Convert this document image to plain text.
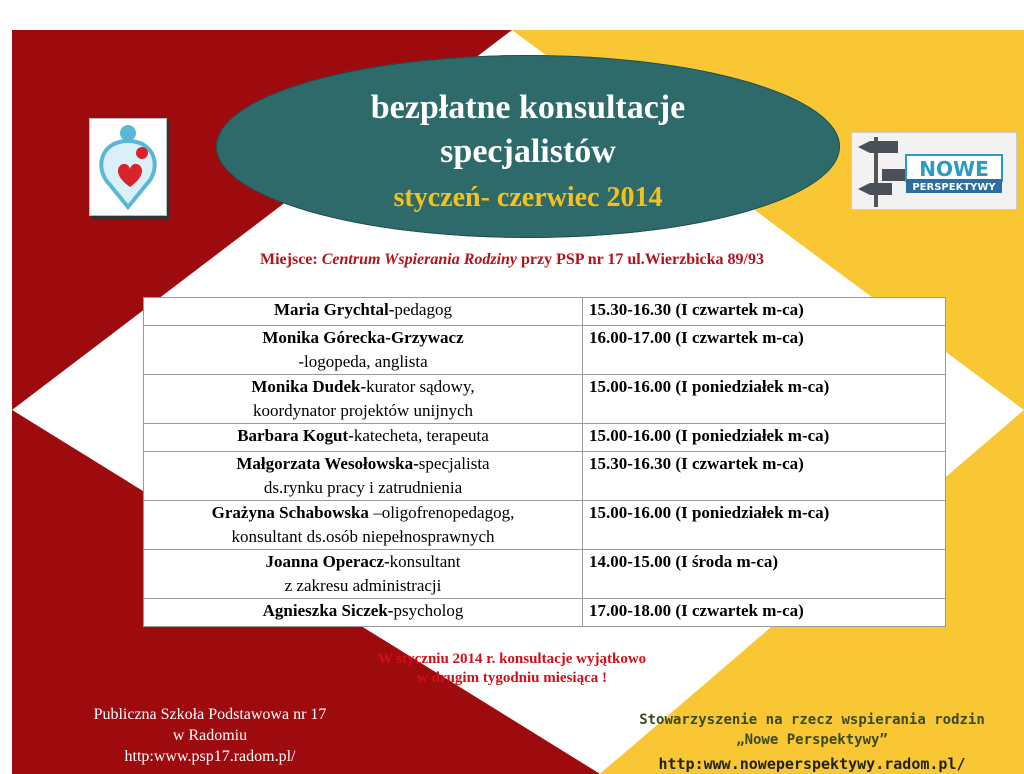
bezpłatne konsultacje
specjalistów
styczeń- czerwiec 2014
NOWE
PERSPEKTYWY
Miejsce: Centrum Wspierania Rodziny przy PSP nr 17 ul.Wierzbicka 89/93
Maria Grychtal-pedagog	15.30-16.30 (I czwartek m-ca)

Monika Górecka-Grzywacz
-logopeda, anglista	16.00-17.00 (I czwartek m-ca)

Monika Dudek-kurator sądowy,
koordynator projektów unijnych	15.00-16.00 (I poniedziałek m-ca)

Barbara Kogut-katecheta, terapeuta	15.00-16.00 (I poniedziałek m-ca)

Małgorzata Wesołowska-specjalista
ds.rynku pracy i zatrudnienia	15.30-16.30 (I czwartek m-ca)

Grażyna Schabowska –oligofrenopedagog,
konsultant ds.osób niepełnosprawnych	15.00-16.00 (I poniedziałek m-ca)

Joanna Operacz-konsultant
z zakresu administracji	14.00-15.00 (I środa m-ca)

Agnieszka Siczek-psycholog	17.00-18.00 (I czwartek m-ca)
W styczniu 2014 r. konsultacje wyjątkowo
w drugim tygodniu miesiąca !
Publiczna Szkoła Podstawowa nr 17
w Radomiu
http:www.psp17.radom.pl/
Stowarzyszenie na rzecz wspierania rodzin
„Nowe Perspektywy”
http:www.noweperspektywy.radom.pl/
